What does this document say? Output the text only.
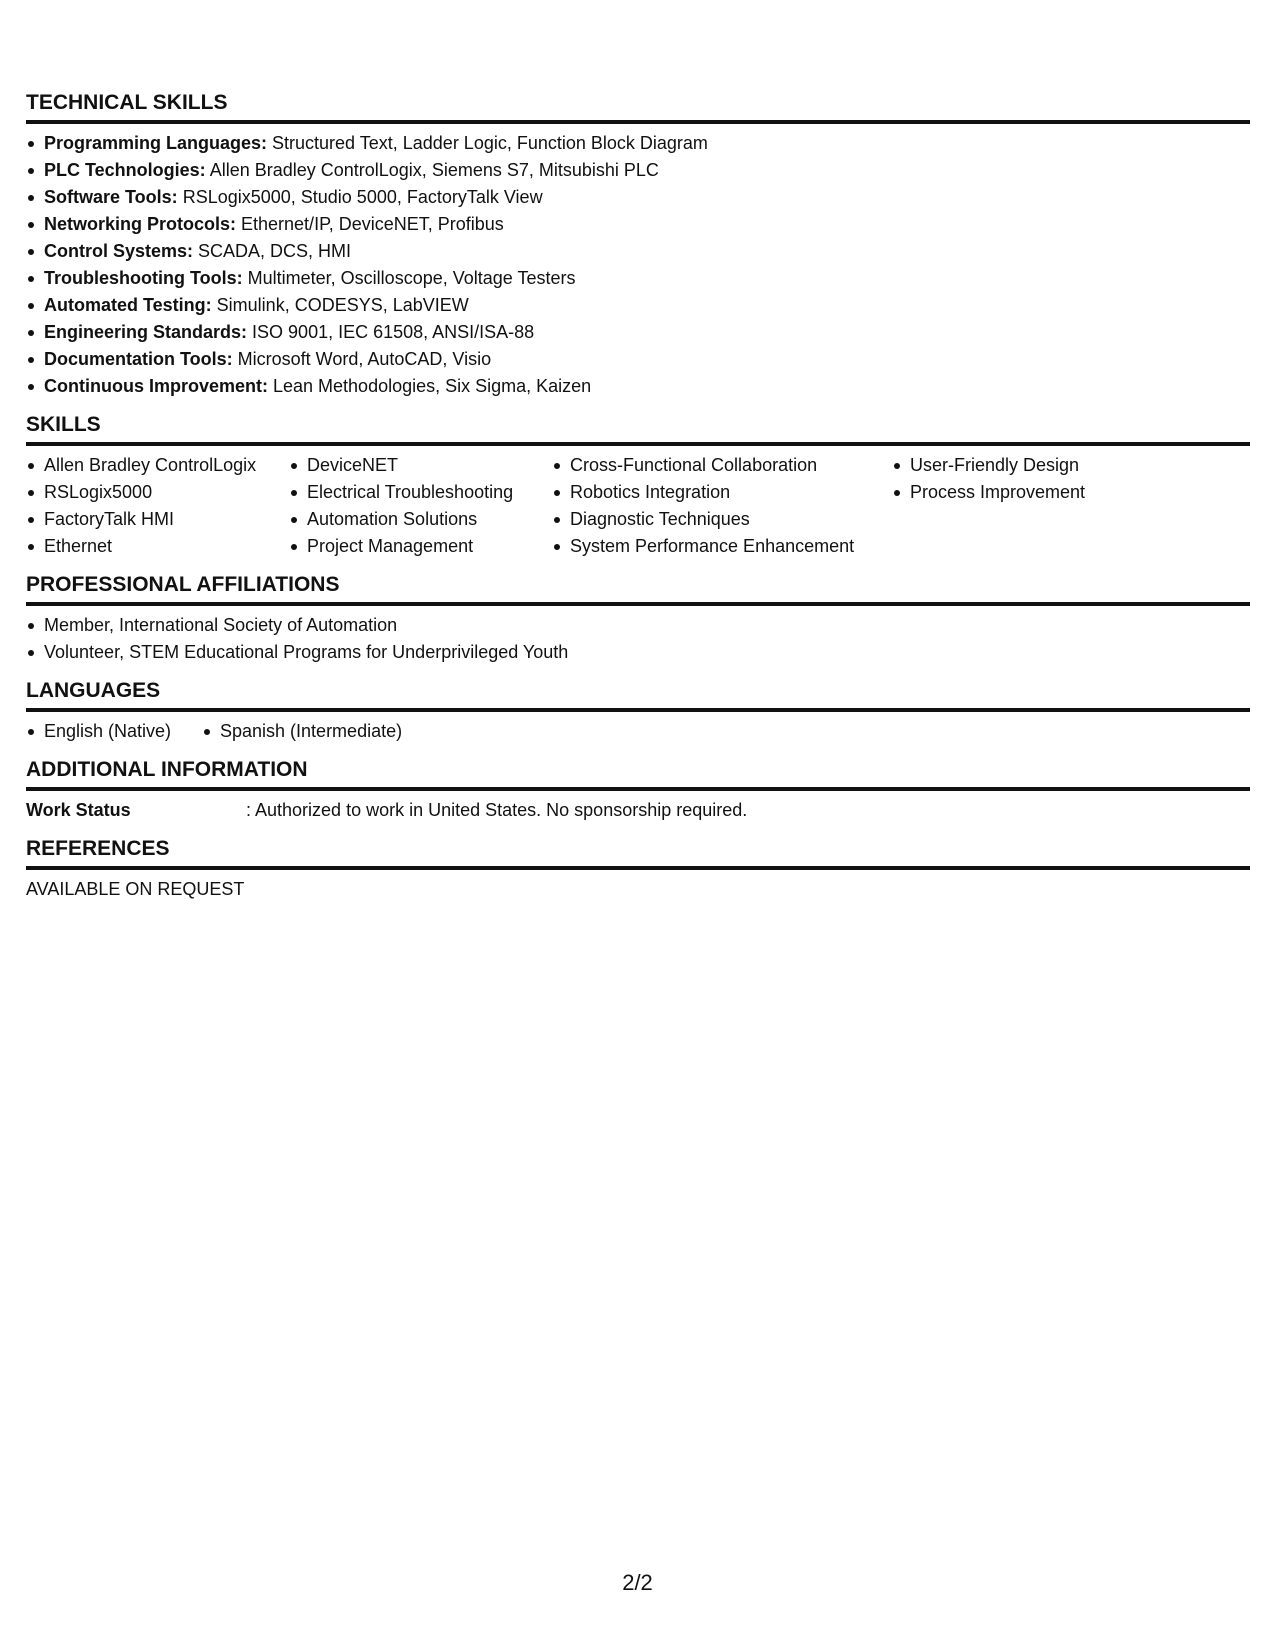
TECHNICAL SKILLS
Programming Languages: Structured Text, Ladder Logic, Function Block Diagram
PLC Technologies: Allen Bradley ControlLogix, Siemens S7, Mitsubishi PLC
Software Tools: RSLogix5000, Studio 5000, FactoryTalk View
Networking Protocols: Ethernet/IP, DeviceNET, Profibus
Control Systems: SCADA, DCS, HMI
Troubleshooting Tools: Multimeter, Oscilloscope, Voltage Testers
Automated Testing: Simulink, CODESYS, LabVIEW
Engineering Standards: ISO 9001, IEC 61508, ANSI/ISA-88
Documentation Tools: Microsoft Word, AutoCAD, Visio
Continuous Improvement: Lean Methodologies, Six Sigma, Kaizen
SKILLS
Allen Bradley ControlLogix
RSLogix5000
FactoryTalk HMI
Ethernet
DeviceNET
Electrical Troubleshooting
Automation Solutions
Project Management
Cross-Functional Collaboration
Robotics Integration
Diagnostic Techniques
System Performance Enhancement
User-Friendly Design
Process Improvement
PROFESSIONAL AFFILIATIONS
Member, International Society of Automation
Volunteer, STEM Educational Programs for Underprivileged Youth
LANGUAGES
English (Native)	Spanish (Intermediate)
ADDITIONAL INFORMATION
Work Status	: Authorized to work in United States. No sponsorship required.
REFERENCES
AVAILABLE ON REQUEST
2/2
